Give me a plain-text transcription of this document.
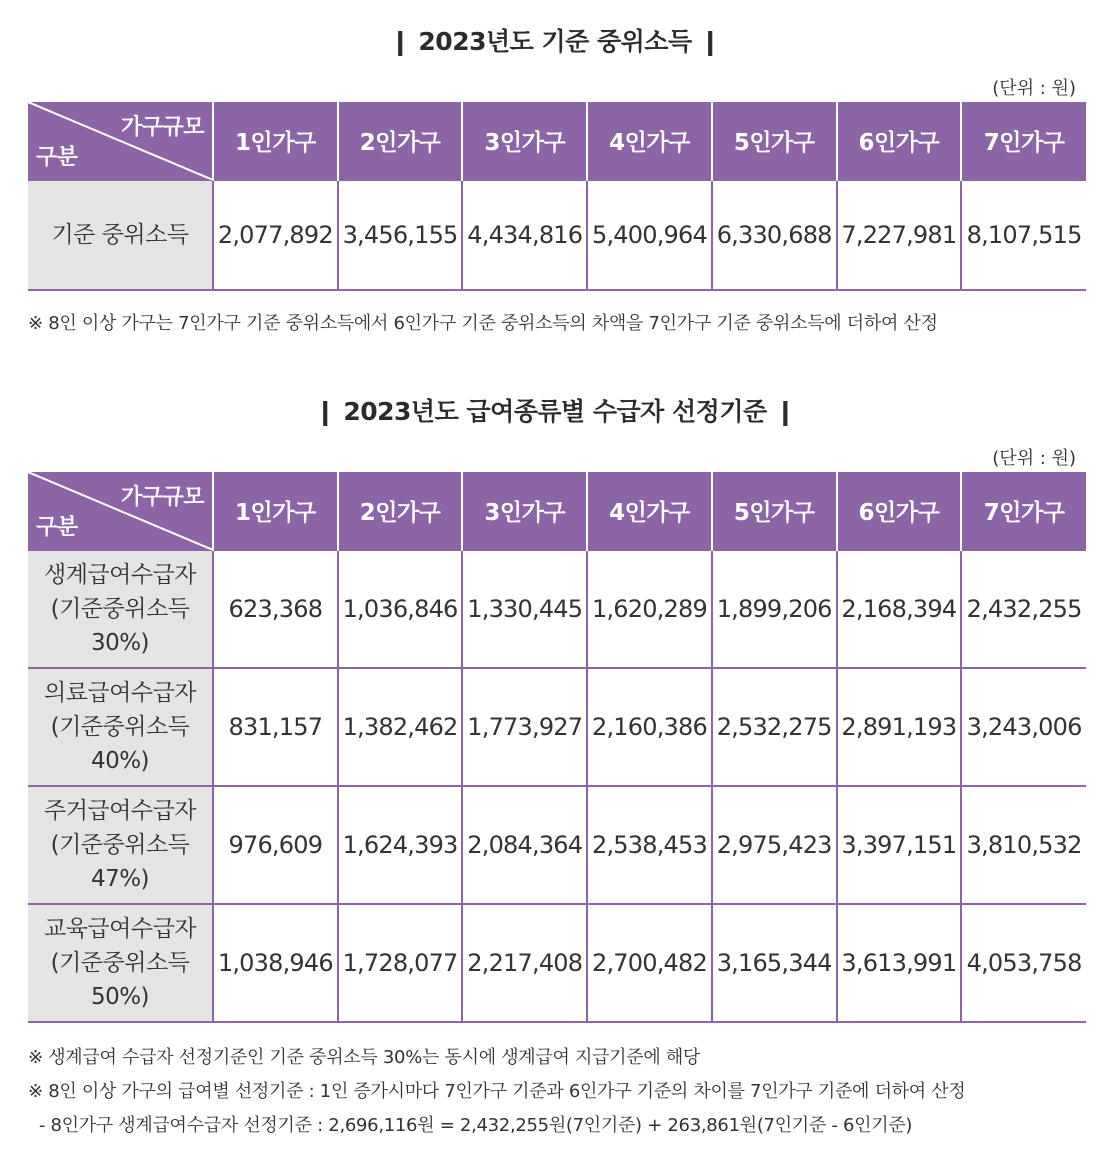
❙ 2023년도 기준 중위소득 ❙
(단위 : 원)
가구규모
구분	1인가구	2인가구	3인가구	4인가구	5인가구	6인가구	7인가구
기준 중위소득	2,077,892	3,456,155	4,434,816	5,400,964	6,330,688	7,227,981	8,107,515
※ 8인 이상 가구는 7인가구 기준 중위소득에서 6인가구 기준 중위소득의 차액을 7인가구 기준 중위소득에 더하여 산정
❙ 2023년도 급여종류별 수급자 선정기준 ❙
(단위 : 원)
가구규모
구분	1인가구	2인가구	3인가구	4인가구	5인가구	6인가구	7인가구

생계급여수급자
(기준중위소득
30%)	623,368	1,036,846	1,330,445	1,620,289	1,899,206	2,168,394	2,432,255

의료급여수급자
(기준중위소득
40%)	831,157	1,382,462	1,773,927	2,160,386	2,532,275	2,891,193	3,243,006

주거급여수급자
(기준중위소득
47%)	976,609	1,624,393	2,084,364	2,538,453	2,975,423	3,397,151	3,810,532

교육급여수급자
(기준중위소득
50%)	1,038,946	1,728,077	2,217,408	2,700,482	3,165,344	3,613,991	4,053,758
※ 생계급여 수급자 선정기준인 기준 중위소득 30%는 동시에 생계급여 지급기준에 해당
※ 8인 이상 가구의 급여별 선정기준 : 1인 증가시마다 7인가구 기준과 6인가구 기준의 차이를 7인가구 기준에 더하여 산정
- 8인가구 생계급여수급자 선정기준 : 2,696,116원 = 2,432,255원(7인기준) + 263,861원(7인기준 - 6인기준)
